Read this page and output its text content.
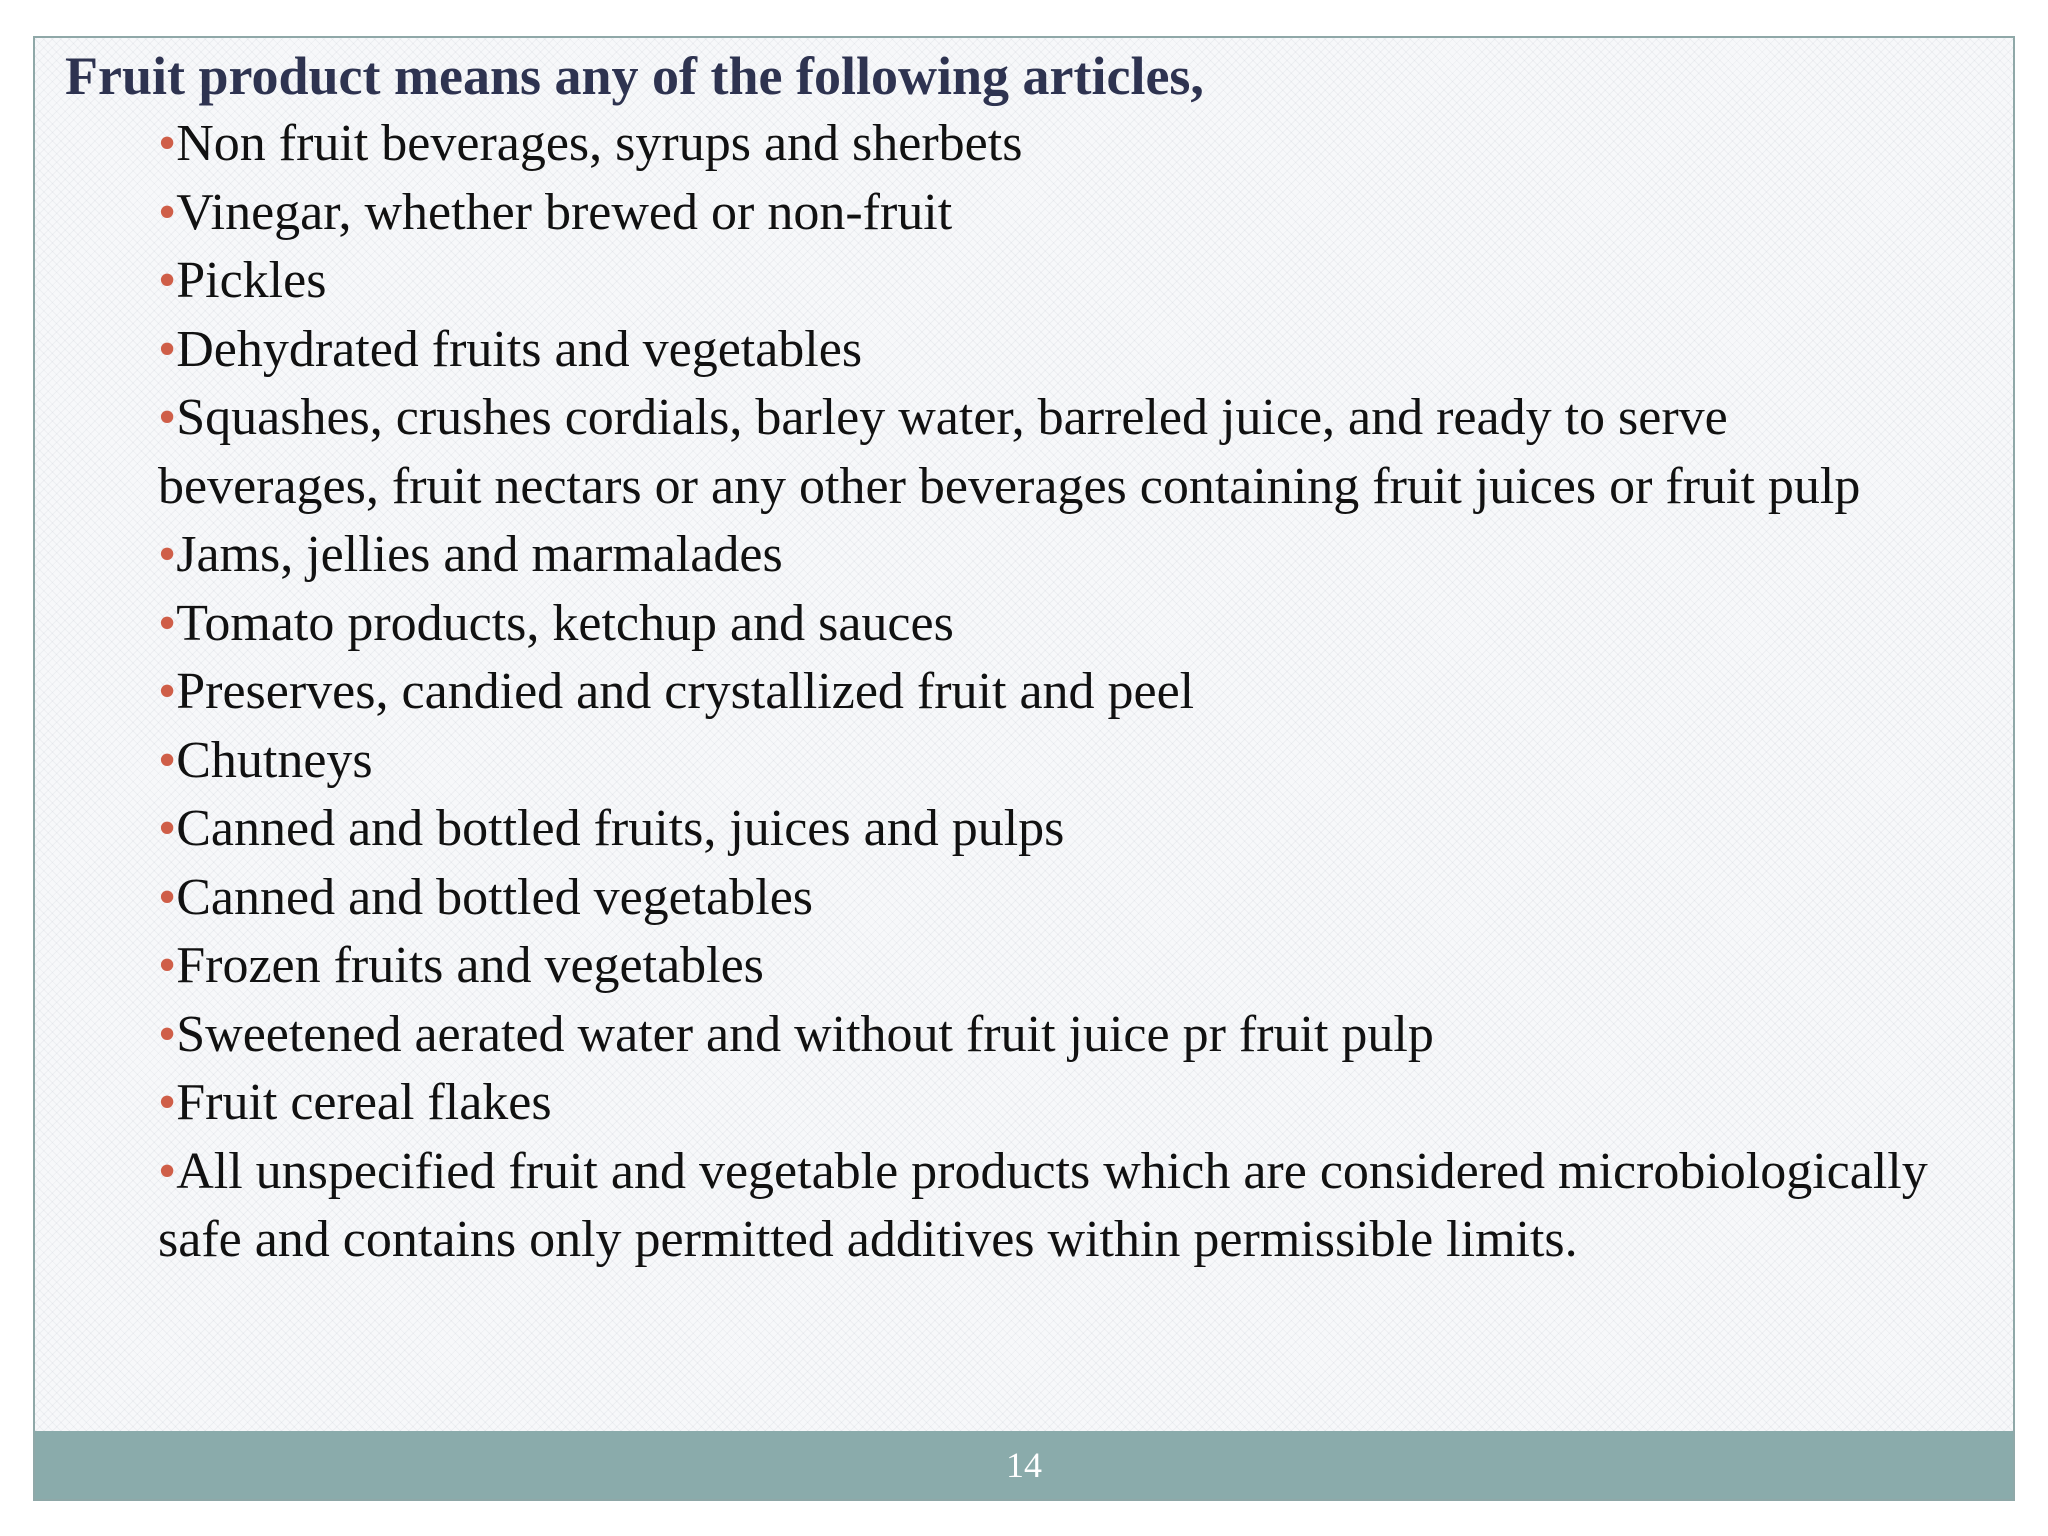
Fruit product means any of the following articles,
•Non fruit beverages, syrups and sherbets
•Vinegar, whether brewed or non-fruit
•Pickles
•Dehydrated fruits and vegetables
•Squashes, crushes cordials, barley water, barreled juice, and ready to serve beverages, fruit nectars or any other beverages containing fruit juices or fruit pulp
•Jams, jellies and marmalades
•Tomato products, ketchup and sauces
•Preserves, candied and crystallized fruit and peel
•Chutneys
•Canned and bottled fruits, juices and pulps
•Canned and bottled vegetables
•Frozen fruits and vegetables
•Sweetened aerated water and without fruit juice pr fruit pulp
•Fruit cereal flakes
•All unspecified fruit and vegetable products which are considered microbiologically safe and contains only permitted additives within permissible limits.
14
